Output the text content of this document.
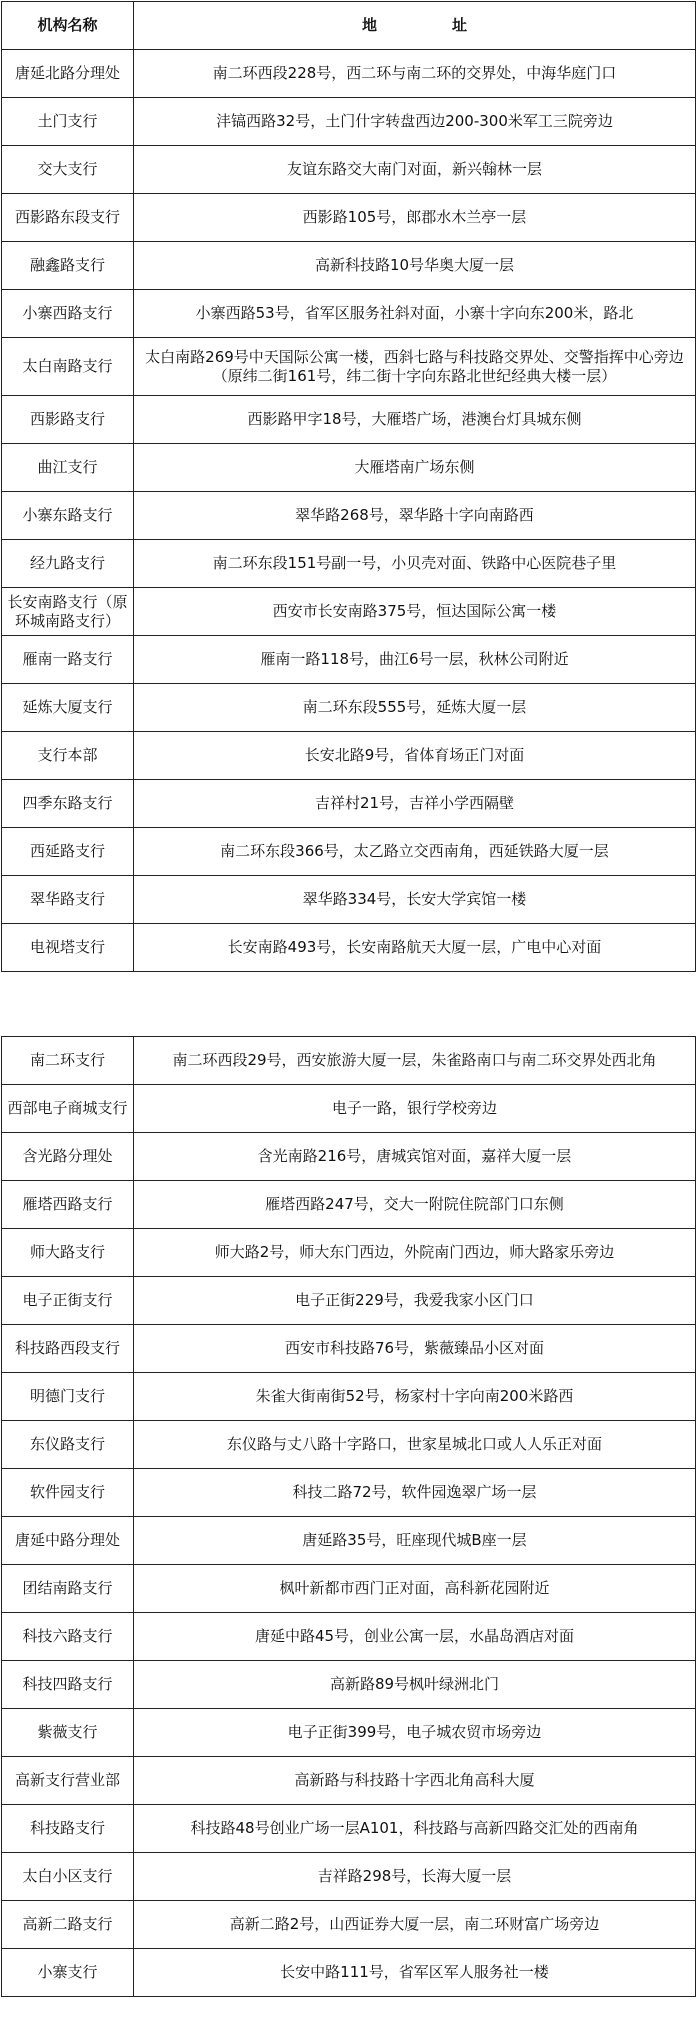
机构名称	地　　　　　址
唐延北路分理处	南二环西段228号，西二环与南二环的交界处，中海华庭门口
土门支行	沣镐西路32号，土门什字转盘西边200-300米军工三院旁边
交大支行	友谊东路交大南门对面，新兴翰林一层
西影路东段支行	西影路105号，郎郡水木兰亭一层
融鑫路支行	高新科技路10号华奥大厦一层
小寨西路支行	小寨西路53号，省军区服务社斜对面，小寨十字向东200米，路北
太白南路支行	太白南路269号中天国际公寓一楼，西斜七路与科技路交界处、交警指挥中心旁边（原纬二街161号，纬二街十字向东路北世纪经典大楼一层）
西影路支行	西影路甲字18号，大雁塔广场，港澳台灯具城东侧
曲江支行	大雁塔南广场东侧
小寨东路支行	翠华路268号，翠华路十字向南路西
经九路支行	南二环东段151号副一号，小贝壳对面、铁路中心医院巷子里
长安南路支行（原环城南路支行）	西安市长安南路375号，恒达国际公寓一楼
雁南一路支行	雁南一路118号，曲江6号一层，秋林公司附近
延炼大厦支行	南二环东段555号，延炼大厦一层
支行本部	长安北路9号，省体育场正门对面
四季东路支行	吉祥村21号，吉祥小学西隔壁
西延路支行	南二环东段366号，太乙路立交西南角，西延铁路大厦一层
翠华路支行	翠华路334号，长安大学宾馆一楼
电视塔支行	长安南路493号，长安南路航天大厦一层，广电中心对面
南二环支行	南二环西段29号，西安旅游大厦一层，朱雀路南口与南二环交界处西北角
西部电子商城支行	电子一路，银行学校旁边
含光路分理处	含光南路216号，唐城宾馆对面，嘉祥大厦一层
雁塔西路支行	雁塔西路247号，交大一附院住院部门口东侧
师大路支行	师大路2号，师大东门西边，外院南门西边，师大路家乐旁边
电子正街支行	电子正街229号，我爱我家小区门口
科技路西段支行	西安市科技路76号，紫薇臻品小区对面
明德门支行	朱雀大街南街52号，杨家村十字向南200米路西
东仪路支行	东仪路与丈八路十字路口，世家星城北口或人人乐正对面
软件园支行	科技二路72号，软件园逸翠广场一层
唐延中路分理处	唐延路35号，旺座现代城B座一层
团结南路支行	枫叶新都市西门正对面，高科新花园附近
科技六路支行	唐延中路45号，创业公寓一层，水晶岛酒店对面
科技四路支行	高新路89号枫叶绿洲北门
紫薇支行	电子正街399号，电子城农贸市场旁边
高新支行营业部	高新路与科技路十字西北角高科大厦
科技路支行	科技路48号创业广场一层A101，科技路与高新四路交汇处的西南角
太白小区支行	吉祥路298号，长海大厦一层
高新二路支行	高新二路2号，山西证券大厦一层，南二环财富广场旁边
小寨支行	长安中路111号，省军区军人服务社一楼
